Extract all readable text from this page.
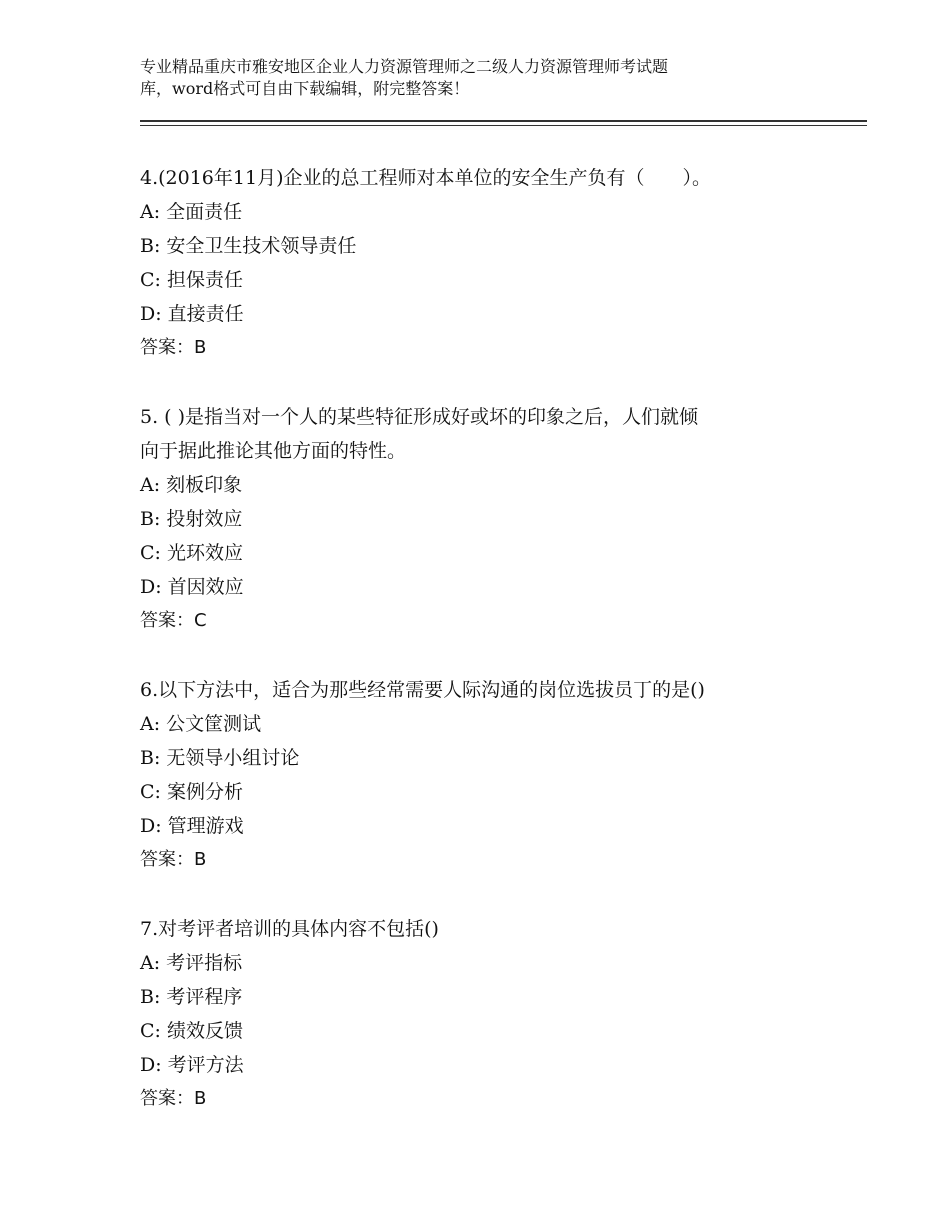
专业精品重庆市雅安地区企业人力资源管理师之二级人力资源管理师考试题
库，word格式可自由下载编辑，附完整答案！

4.(2016年11月)企业的总工程师对本单位的安全生产负有（　　）。

A: 全面责任

B: 安全卫生技术领导责任

C: 担保责任

D: 直接责任

答案：B

5. ( )是指当对一个人的某些特征形成好或坏的印象之后，人们就倾

向于据此推论其他方面的特性。

A: 刻板印象

B: 投射效应

C: 光环效应

D: 首因效应

答案：C

6.以下方法中，适合为那些经常需要人际沟通的岗位选拔员丁的是()

A: 公文筐测试

B: 无领导小组讨论

C: 案例分析

D: 管理游戏

答案：B

7.对考评者培训的具体内容不包括()

A: 考评指标

B: 考评程序

C: 绩效反馈

D: 考评方法

答案：B
